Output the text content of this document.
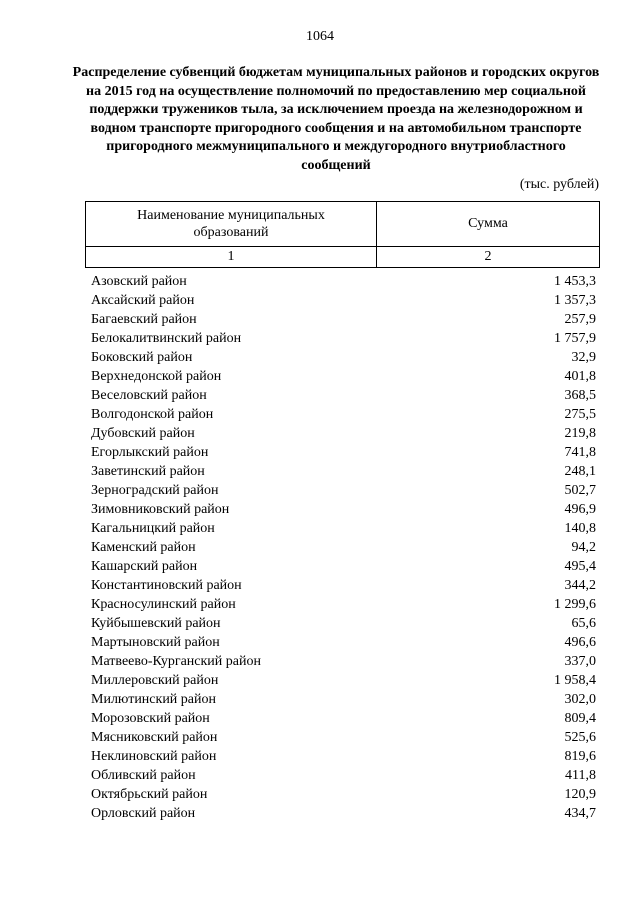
1064
Распределение субвенций бюджетам муниципальных районов и городских округов на 2015 год на осуществление полномочий по предоставлению мер социальной поддержки тружеников тыла, за исключением проезда на железнодорожном и водном транспорте пригородного сообщения и на автомобильном транспорте пригородного межмуниципального и междугородного внутриобластного сообщений
(тыс. рублей)
Наименование муниципальных образований	Сумма
1	2
Азовский район	1 453,3
Аксайский район	1 357,3
Багаевский район	257,9
Белокалитвинский район	1 757,9
Боковский район	32,9
Верхнедонской район	401,8
Веселовский район	368,5
Волгодонской район	275,5
Дубовский район	219,8
Егорлыкский район	741,8
Заветинский район	248,1
Зерноградский район	502,7
Зимовниковский район	496,9
Кагальницкий район	140,8
Каменский район	94,2
Кашарский район	495,4
Константиновский район	344,2
Красносулинский район	1 299,6
Куйбышевский район	65,6
Мартыновский район	496,6
Матвеево-Курганский район	337,0
Миллеровский район	1 958,4
Милютинский район	302,0
Морозовский район	809,4
Мясниковский район	525,6
Неклиновский район	819,6
Обливский район	411,8
Октябрьский район	120,9
Орловский район	434,7
